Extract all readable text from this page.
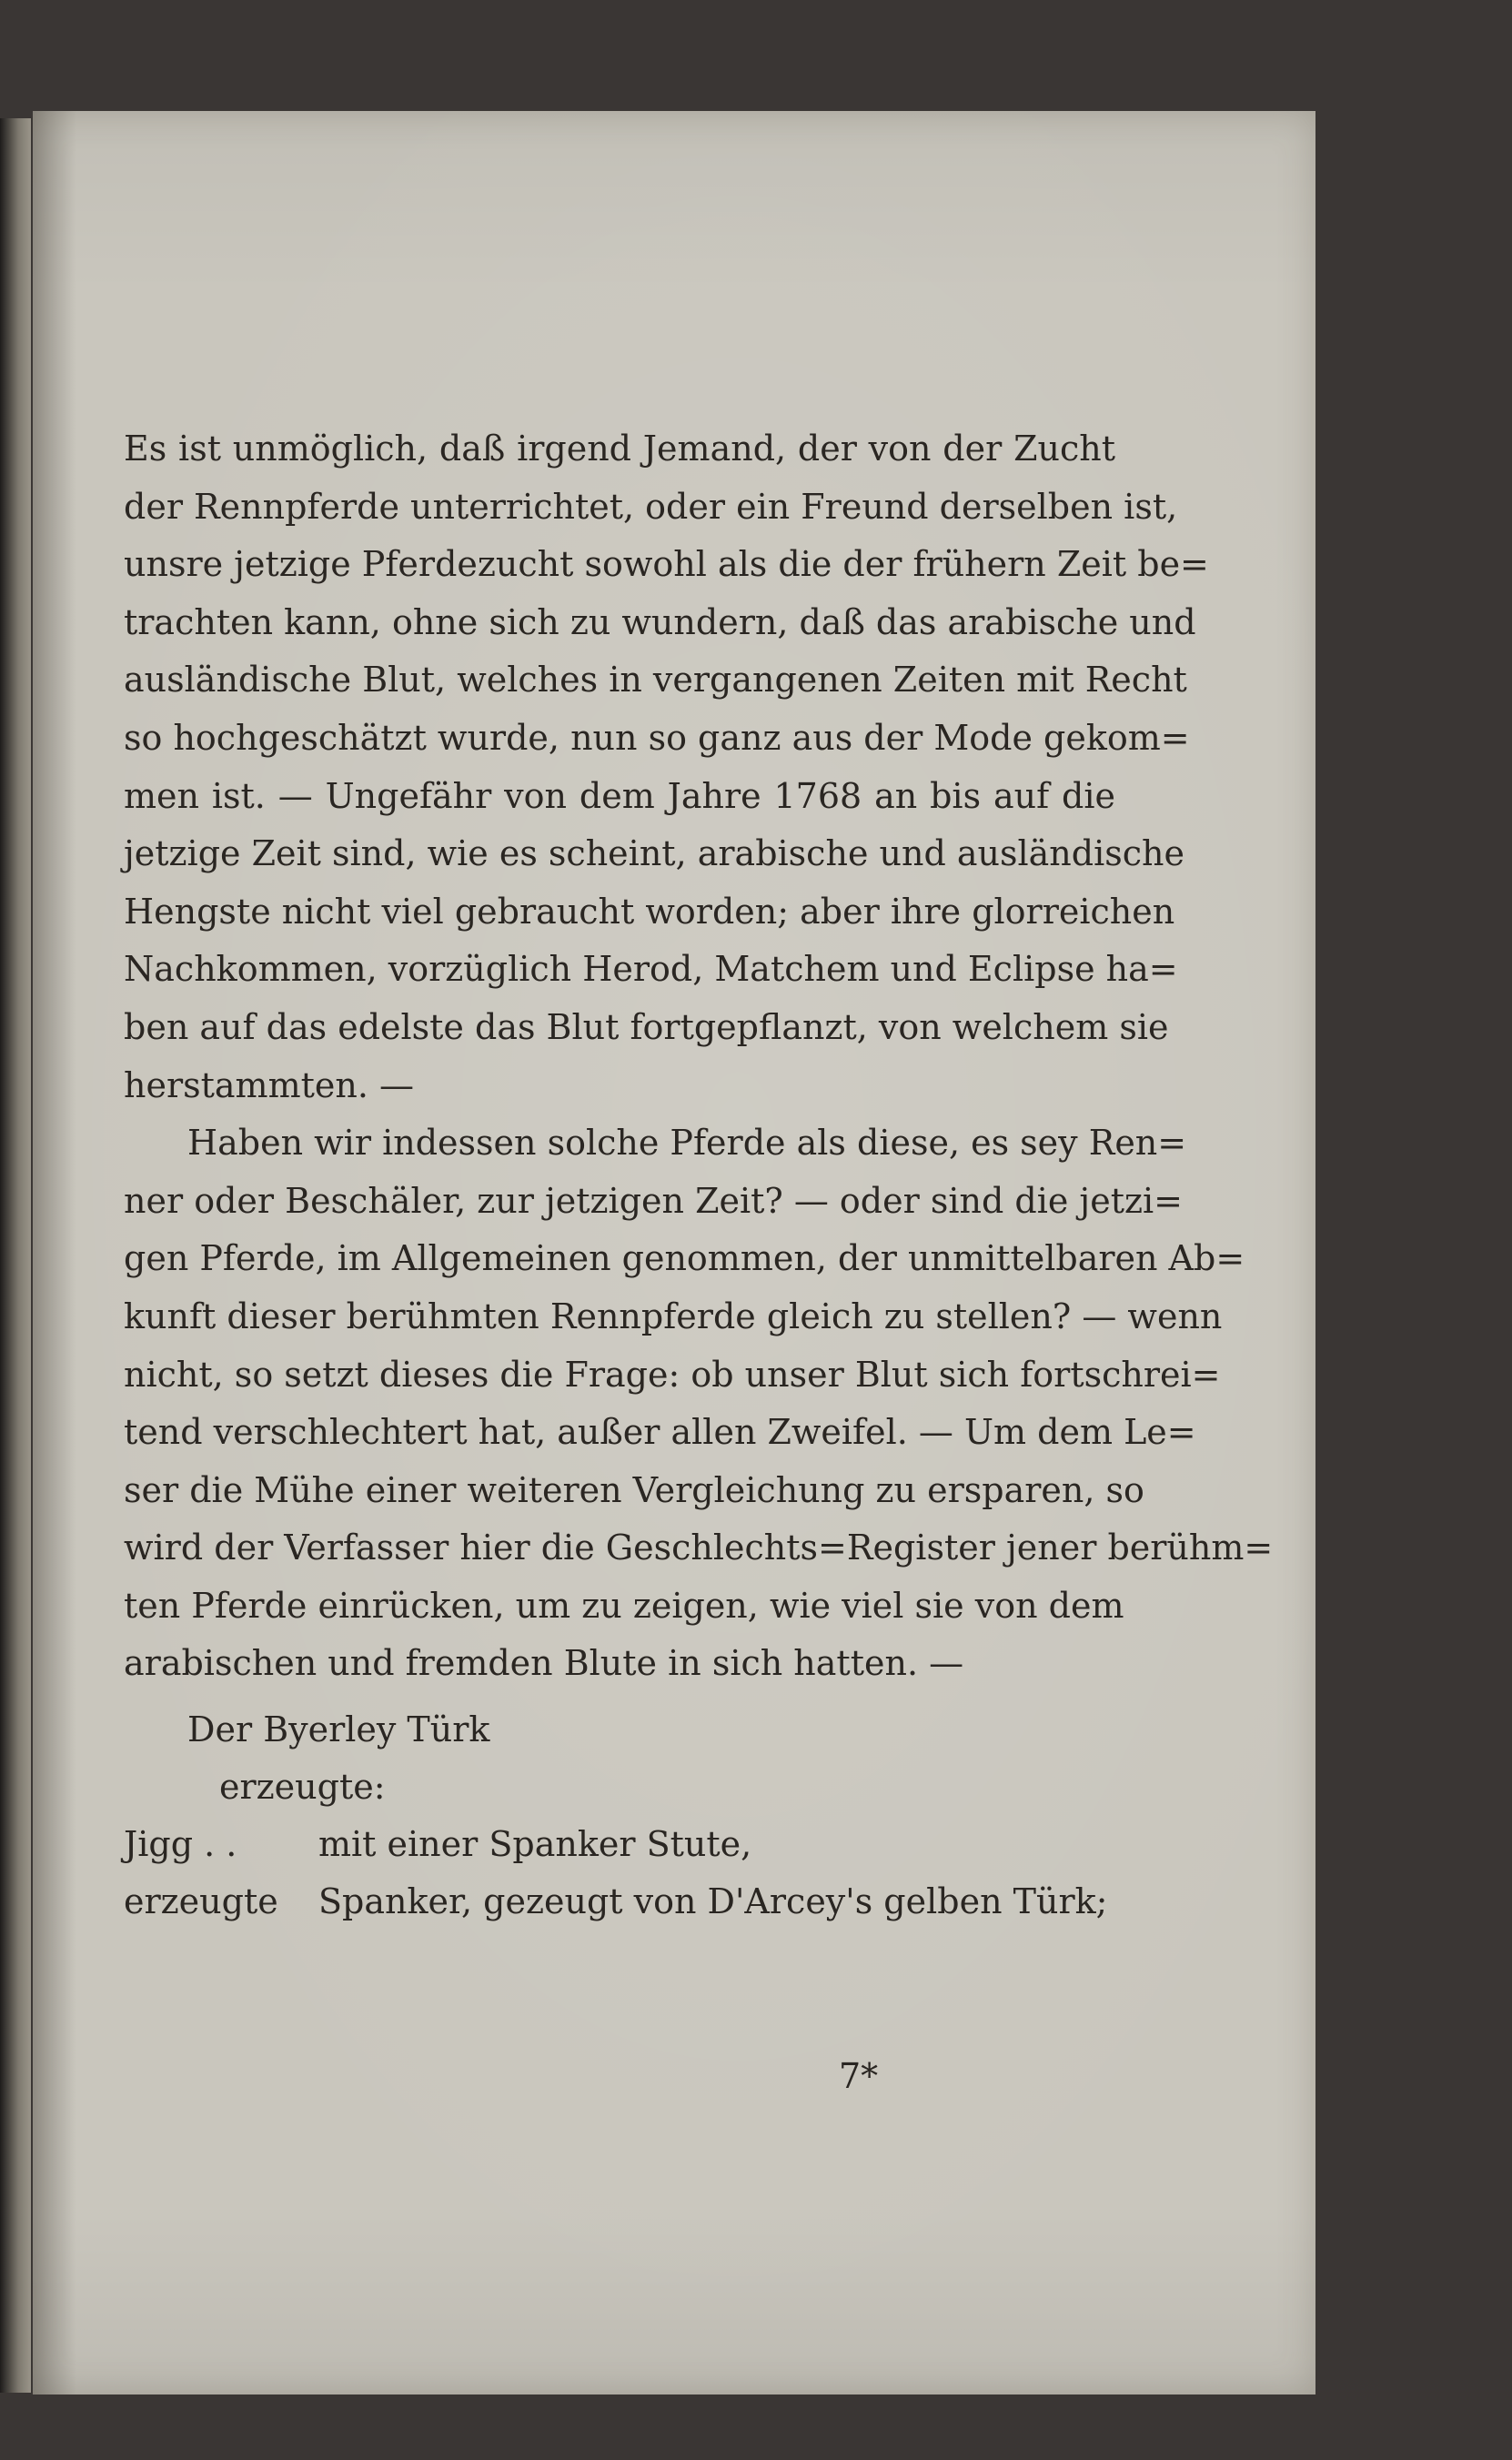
Es ist unmöglich, daß irgend Jemand, der von der Zucht
der Rennpferde unterrichtet, oder ein Freund derselben ist,
unsre jetzige Pferdezucht sowohl als die der frühern Zeit be=
trachten kann, ohne sich zu wundern, daß das arabische und
ausländische Blut, welches in vergangenen Zeiten mit Recht
so hochgeschätzt wurde, nun so ganz aus der Mode gekom=
men ist. — Ungefähr von dem Jahre 1768 an bis auf die
jetzige Zeit sind, wie es scheint, arabische und ausländische
Hengste nicht viel gebraucht worden; aber ihre glorreichen
Nachkommen, vorzüglich Herod, Matchem und Eclipse ha=
ben auf das edelste das Blut fortgepflanzt, von welchem sie
herstammten. —

Haben wir indessen solche Pferde als diese, es sey Ren=
ner oder Beschäler, zur jetzigen Zeit? — oder sind die jetzi=
gen Pferde, im Allgemeinen genommen, der unmittelbaren Ab=
kunft dieser berühmten Rennpferde gleich zu stellen? — wenn
nicht, so setzt dieses die Frage: ob unser Blut sich fortschrei=
tend verschlechtert hat, außer allen Zweifel. — Um dem Le=
ser die Mühe einer weiteren Vergleichung zu ersparen, so
wird der Verfasser hier die Geschlechts=Register jener berühm=
ten Pferde einrücken, um zu zeigen, wie viel sie von dem
arabischen und fremden Blute in sich hatten. —

Der Byerley Türk
erzeugte:
Jigg . . mit einer Spanker Stute,
erzeugte Spanker, gezeugt von D'Arcey's gelben Türk;
7*
